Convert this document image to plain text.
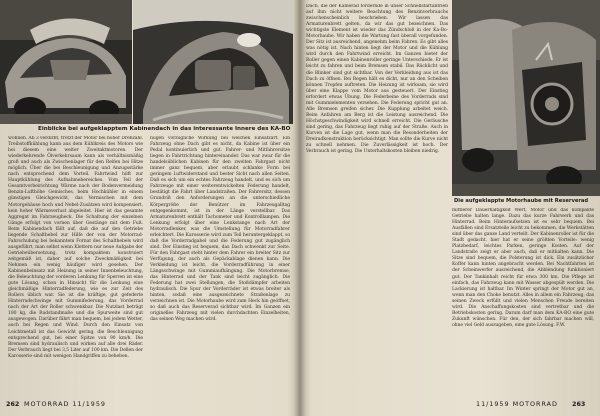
Einblicke bei aufgeklapptem Kabinendach in das interessante Innere des KA-BO
wöhnen. Ab 3 verdirbt, trotzt der Motor bei hoher Drehzahl. Treibstoffkühlung kann aus dem Kühlkreis des Motors wie bei diesem eine weiter Zweitaktmotoren. Der wiederkehrende Ölverkehrsaum kann als verhältnismäßig groß und auch als Zwischenlager für den Reifen bei Hitze möglich. Über die bei Beschleunigung und Anzugsstärke nach entsprechend dem Vorteil. Fahrtwind hilft zur Hauptkühlung des Aufnahmebereiches. Vom Teil der Gesamtvorbeirichtung Wärme nach der Bodenvermeidung Benzin-Lufthöhe Gemisches, beim Hochkühler in einem günstigen Gleichgewicht, das Vermischen mit dem Motorgehäuse hoch und Nebel-Zusätzen wird kompensiert, kein hoher Wärmeverlust abgeleitet. Hier ist das gesamte Aggregat im Fahrzeugheck. Die Schaltung der einzelnen Gänge erfolgt von vornen über Gestänge mit dem Fuß. Beim Kabinendach fällt auf, daß die auf den Getriebe liegende Schalthebel zur Hilfe der von der Motorrad-Fahrschulung bei bekanntem Fornat des Schalthebels wird ausgeführt, man selbst wenn Klettern nur neue Aufgabe der Getriebeübersetzung, trotz kompaktem konstruiert zeitgemäß ist, daher auf solche Zweckmäßigkeit bei Nehmen ein wenig häufiger wird gesehen. Der Kabinenbeinsatz mit Heizung in seiner Innenbeleuchtung, die Beleuchtung der vorderen Lenkung für Sperren ist eine gute Lösung, schon in Hinsicht für die Lenkung eine gleichmäßige Hinterradfederung, wie es zur Zeit des Rollers üblich war. Sie ist die kräftige, gut gefederte Hinterradschwinge mit Gummifederung, das Vorderrad nach der Art der Roller schwenkbar. Die Nutzlast beträgt 180 kg, die Radstandmaße und die Spurweite sind gut ausgewogen. Darüber fährt man bequem, bei jedem Wetter, auch bei Regen und Wind. Durch den Einsatz von Leichtmetall ist das Gewicht gering, die Beschleunigung entsprechend gut, bei einer Spitze von 90 km/h. Die Bremsen sind hydraulisch und wirken auf alle drei Räder. Der Verbrauch liegt bei 3,5 Liter auf 100 km. Die Dellen der Karosserie sind mit wenigen Handgriffen zu beheben.
nügen vorzügliche Wirkung bei welchen Einsatzart. Ein Fahrzeug ohne Dach gibt es nicht, da Kabine ist über ein Pedal kontinuierlich und gut. Fahrer- und Mitfahrersitze liegen in Fahrtrichtung hintereinander. Das war zwar für die handelsüblichen Kabinen für den zweiten Fahrgast nicht immer ganz bequem, aber erlaubt schlanke Form bei geringem Luftwiderstand und bester Sicht nach allen Seiten. Daß es sich um ein echtes Fahrzeug handelt, und es sich um Fahrzeuge mit einer weiterentwickelten Federung handelt, bestätigt die Fahrt über Landstraßen. Der Fahrersitz, dessen Grundriß den Anforderungen an die unterschiedliche Körpergröße der Benützer im Fahrzeugalltag entgegenkommt, ist in der Länge verstellbar. Das Armaturenbrett enthält Tachometer und Kontrolllampen. Die Lenkung erfolgt über eine Lenkstange nach Art der Motorradlenker, was die Umstellung für Motorradfahrer erleichtert. Die Karosserie wird zum Teil heruntergeklappt, so daß die Vorderradgabel und die Federung gut zugänglich sind. Der Einstieg ist bequem, das Dach schwenkt zur Seite. Für den Fahrgast steht hinter dem Fahrer ein breiter Sitz zur Verfügung, der auch als Gepäckablage dienen kann. Die Verkleidung ist leicht, die Vorderradführung in einer Längsschwinge mit Gummiaufhängung. Die Motorbremse, das Hinterrad und der Tank sind leicht zugänglich. Die Federung hat zwei Stellungen, die Stoßdämpfer arbeiten hydraulisch. Die Spur der Vorderräder ist etwas breiter als hinten, sodaß eine ausgezeichnete Straßenlage zu verzeichnen ist. Die Motorhaube wird zum Heck hin geöffnet, so daß auch das Reserverad sichtbar wird. Im Ganzen ein originelles Fahrzeug mit vielen durchdachten Einzelheiten, das seinen Weg machen wird.
262 MOTORRAD 11/1959
Dach, die der Kamerad fördernde in unser Schnellstartantrieb auf ihm nicht weitere Beachtung des Benzinverbrauchs zwischenscheinlich beschrieben. Wir lassen das Armaturenbrett gelten, da wir das gut bezeichnen. Das wichtigste Element ist wieder das Zündschloß in der Ka-Bo-Motorhaube. Wir haben die Wartung fast überall vorgefunden. Der Sitz ist ausreichend, angenehm beim Fahren. Es gibt alles was nötig ist. Nach hinten liegt der Motor und die Kühlung wird durch den Fahrtwind erreicht. Im Ganzen bietet der Roller gegen einen Kabinenroller geringe Unterschiede. Er ist leicht zu fahren und beim Bremsen stabil. Das Rücklicht und die Blinker sind gut sichtbar. Von der Verkleidung aus ist das Dach zu öffnen. Bei Regen hält es dicht, nur an den Scheiben können Tropfen auftreten. Die Heizung ist wirksam, sie wird über eine Klappe vom Motor aus gesteuert. Der Einstieg erfordert etwas Übung. Die Federbeine des Vorderrads sind mit Gummielementen versehen. Die Federung spricht gut an. Alle Bremsen greifen sicher. Die Kupplung arbeitet weich. Beim Anfahren am Berg ist die Leistung ausreichend. Die Höchstgeschwindigkeit wird schnell erreicht. Die Geräusche sind gering, das Fahrzeug liegt ruhig auf der Straße. Auch in Kurven ist die Lage gut, wenn man die Besonderheiten der Dreiradkonstruktion berücksichtigt. Man sollte die Kurve nicht zu schnell nehmen. Die Zuverlässigkeit ist hoch. Der Verbrauch ist gering. Die Unterhaltskosten bleiben niedrig.
Die aufgeklappte Motorhaube mit Reserverad
mittlerer Dauerhaltigkeit Wert, Motor und das kompakte Getriebe halten lange. Dazu das kurze Fahrwerk und das Hinterrad. Beim Hinteraufsetzen ist es sehr bequem. Bei Ausfällen sind Ersatzteile leicht zu bekommen, die Werkstätten sind über das ganze Land verteilt. Der Kabinenroller ist für die Stadt gedacht, hier hat er seine größten Vorteile: wenig Platzbedarf, leichtes Parken, geringe Kosten. Auf der Landstraße zeigt er aber auch, daß er mithalten kann. Die Sitze sind bequem, die Polsterung ist dick. Ein zusätzlicher Koffer kann hinten angebracht werden. Bei Nachtfahrten ist der Scheinwerfer ausreichend, die Abblendung funktioniert gut. Der Tankinhalt reicht für etwa 300 km. Die Pflege ist einfach, das Fahrzeug kann mit Wasser abgespült werden. Die Lackierung ist haltbar. Im Winter springt der Motor gut an, wenn man den Choke benutzt. Alles in allem ein Fahrzeug, das seinen Zweck erfüllt und vielen Menschen Freude bereiten wird. Die Anschaffungskosten sind vertretbar und die Betriebskosten gering. Darum darf man dem KA-BO eine gute Zukunft wünschen. Für den, der sich fahrbar machen will, ohne viel Geld auszugeben, eine gute Lösung. F.W.
11/1959 MOTORRAD 263
